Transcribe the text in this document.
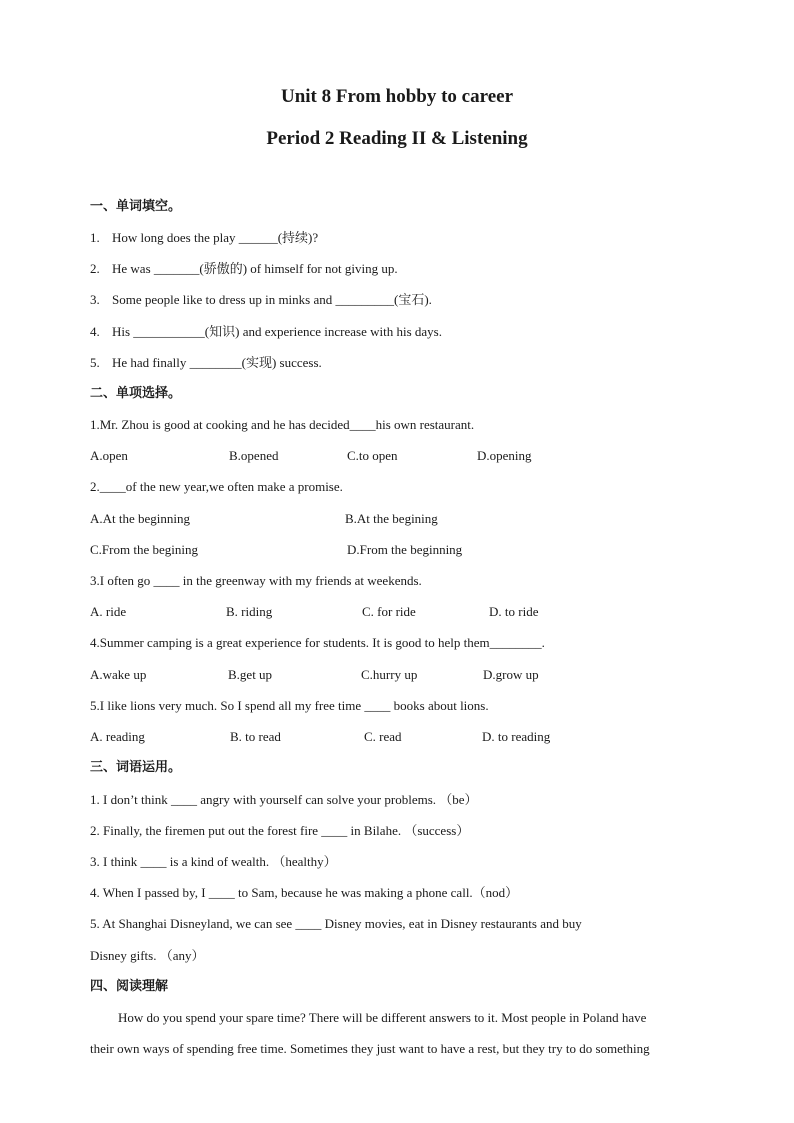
Unit 8 From hobby to career
Period 2 Reading II & Listening
一、单词填空。
1. How long does the play ______(持续)?
2. He was _______(骄傲的) of himself for not giving up.
3. Some people like to dress up in minks and _________(宝石).
4. His ___________(知识) and experience increase with his days.
5. He had finally ________(实现) success.
二、单项选择。
1.Mr. Zhou is good at cooking and he has decided____his own restaurant.
A.open	B.opened	C.to open	D.opening
2.____of the new year,we often make a promise.
A.At the beginning	B.At the begining
C.From the begining	D.From the beginning
3.I often go ____ in the greenway with my friends at weekends.
A. ride	B. riding	C. for ride	D. to ride
4.Summer camping is a great experience for students. It is good to help them________.
A.wake up	B.get up	C.hurry up	D.grow up
5.I like lions very much. So I spend all my free time ____ books about lions.
A. reading	B. to read	C. read	D. to reading
三、词语运用。
1. I don’t think ____ angry with yourself can solve your problems. （be）
2. Finally, the firemen put out the forest fire ____ in Bilahe. （success）
3. I think ____ is a kind of wealth. （healthy）
4. When I passed by, I ____ to Sam, because he was making a phone call.（nod）
5. At Shanghai Disneyland, we can see ____ Disney movies, eat in Disney restaurants and buy
Disney gifts. （any）
四、阅读理解
How do you spend your spare time? There will be different answers to it. Most people in Poland have
their own ways of spending free time. Sometimes they just want to have a rest, but they try to do something
